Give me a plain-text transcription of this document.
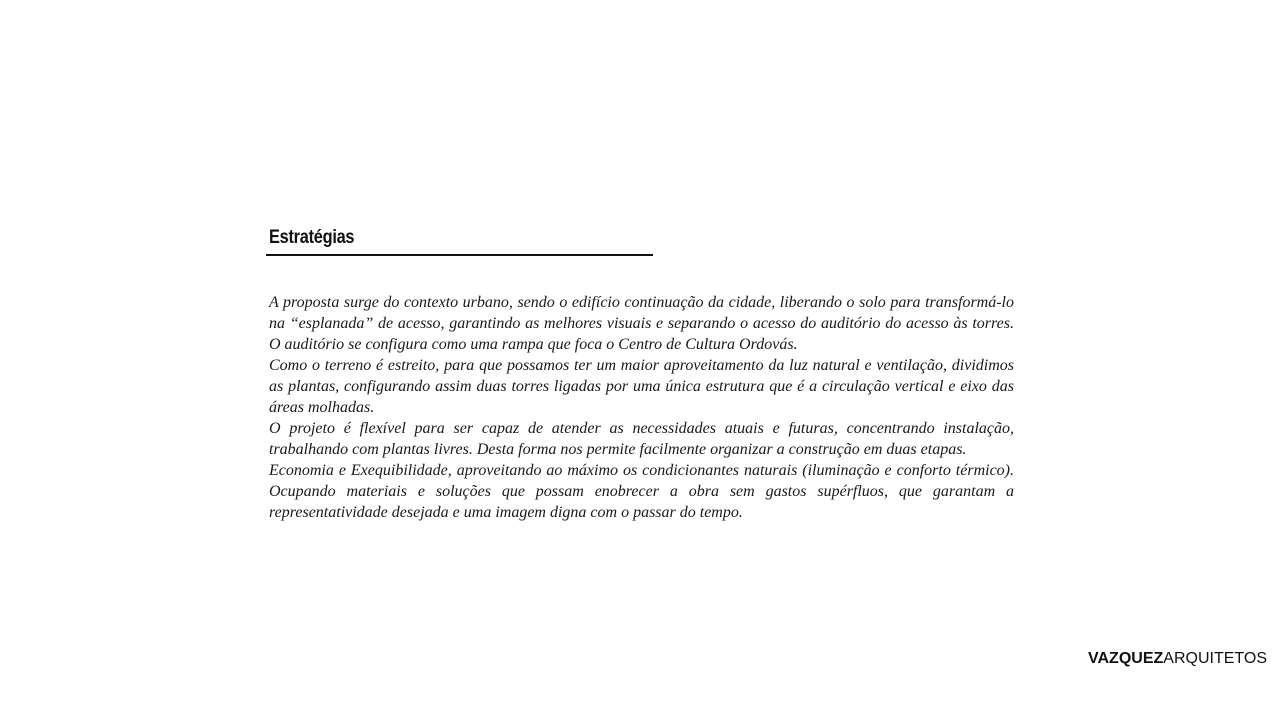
Estratégias

A proposta surge do contexto urbano, sendo o edifício continuação da cidade, liberando o solo para transformá-lo na “esplanada” de acesso, garantindo as melhores visuais e separando o acesso do auditório do acesso às torres. O auditório se configura como uma rampa que foca o Centro de Cultura Ordovás.

Como o terreno é estreito, para que possamos ter um maior aproveitamento da luz natural e ventilação, dividimos as plantas, configurando assim duas torres ligadas por uma única estrutura que é a circulação vertical e eixo das áreas molhadas.

O projeto é flexível para ser capaz de atender as necessidades atuais e futuras, concentrando instalação, trabalhando com plantas livres. Desta forma nos permite facilmente organizar a construção em duas etapas.

Economia e Exequibilidade, aproveitando ao máximo os condicionantes naturais (iluminação e conforto térmico). Ocupando materiais e soluções que possam enobrecer a obra sem gastos supérfluos, que garantam a representatividade desejada e uma imagem digna com o passar do tempo.

VAZQUEZARQUITETOS
